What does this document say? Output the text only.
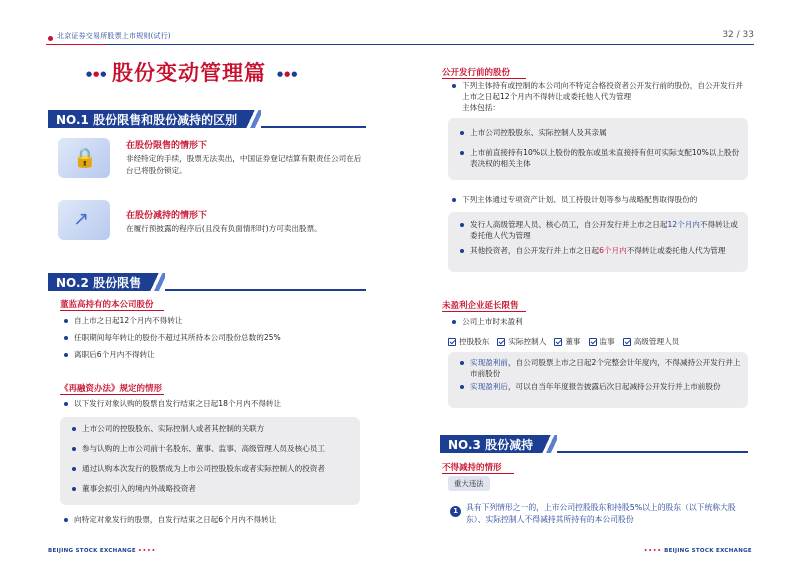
北京证券交易所股票上市规则(试行)	32 / 33
●●● 股份变动管理篇 ●●●
NO.1 股份限售和股份减持的区别
🔒
在股份限售的情形下
非经特定的手续，股票无法卖出，中国证券登记结算有限责任公司在后台已将股份锁定。
↗	在股份减持的情形下
在履行预披露的程序后(且没有负面情形时)方可卖出股票。
NO.2 股份限售
董监高持有的本公司股份
自上市之日起12个月内不得转让
任职期间每年转让的股份不超过其所持本公司股份总数的25%
离职后6个月内不得转让
《再融资办法》规定的情形
以下发行对象认购的股票自发行结束之日起18个月内不得转让
上市公司的控股股东、实际控制人或者其控制的关联方
参与认购的上市公司前十名股东、董事、监事、高级管理人员及核心员工
通过认购本次发行的股票成为上市公司控股股东或者实际控制人的投资者
董事会拟引入的境内外战略投资者
向特定对象发行的股票，自发行结束之日起6个月内不得转让
公开发行前的股份
下列主体持有或控制的本公司向不特定合格投资者公开发行前的股份，自公开发行并上市之日起12个月内不得转让或委托他人代为管理
主体包括：
上市公司控股股东、实际控制人及其亲属
上市前直接持有10%以上股份的股东或虽未直接持有但可实际支配10%以上股份表决权的相关主体
下列主体通过专项资产计划、员工持股计划等参与战略配售取得股份的
发行人高级管理人员、核心员工，自公开发行并上市之日起12个月内不得转让或委托他人代为管理
其他投资者，自公开发行并上市之日起6个月内不得转让或委托他人代为管理
未盈利企业延长限售
公司上市时未盈利
控股股东	实际控制人	董事	监事	高级管理人员
实现盈利前，自公司股票上市之日起2个完整会计年度内，不得减持公开发行并上市前股份
实现盈利后，可以自当年年度报告披露后次日起减持公开发行并上市前股份
NO.3 股份减持
不得减持的情形
重大违法
1	具有下列情形之一的，上市公司控股股东和持股5%以上的股东（以下统称大股东）、实际控制人不得减持其所持有的本公司股份
BEIJING STOCK EXCHANGE ••••	•••• BEIJING STOCK EXCHANGE
